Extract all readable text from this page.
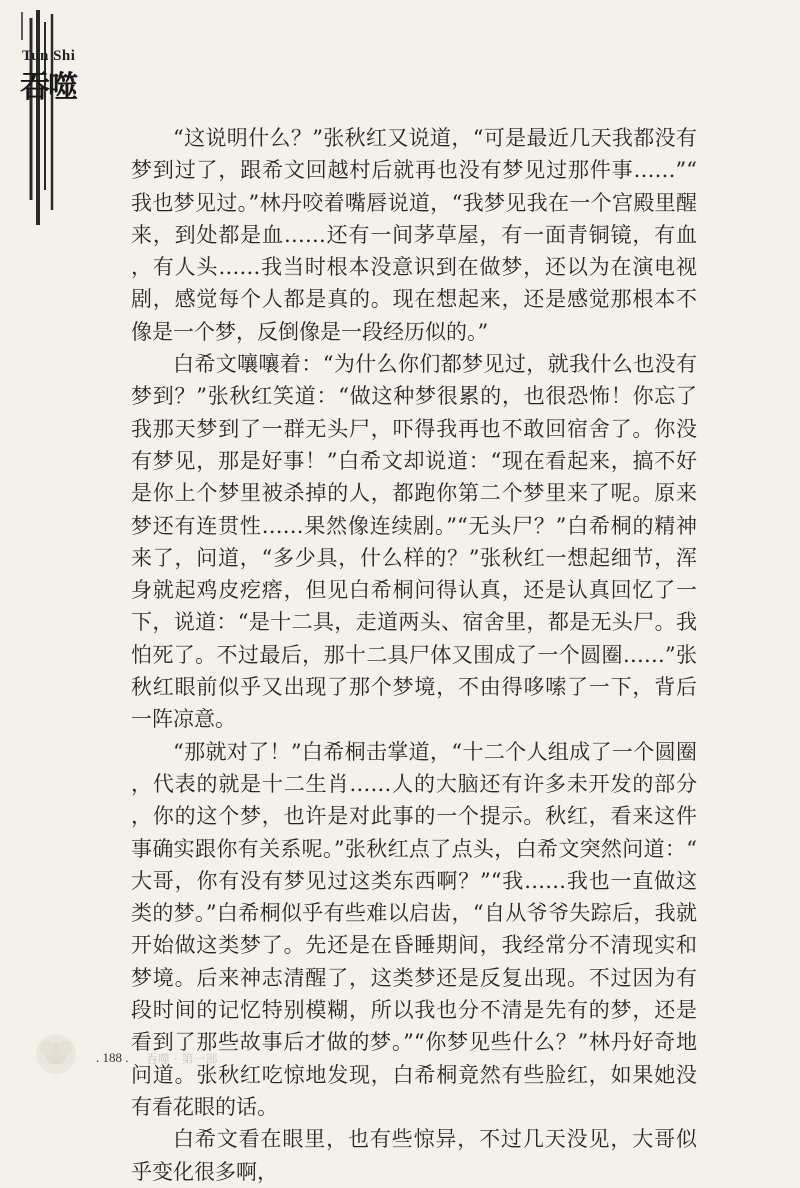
Tun Shi
吞噬

“这说明什么？”张秋红又说道，“可是最近几天我都没有梦到过了，跟希文回越村后就再也没有梦见过那件事……”“我也梦见过。”林丹咬着嘴唇说道，“我梦见我在一个宫殿里醒来，到处都是血……还有一间茅草屋，有一面青铜镜，有血，有人头……我当时根本没意识到在做梦，还以为在演电视剧，感觉每个人都是真的。现在想起来，还是感觉那根本不像是一个梦，反倒像是一段经历似的。”

白希文嚷嚷着：“为什么你们都梦见过，就我什么也没有梦到？”张秋红笑道：“做这种梦很累的，也很恐怖！你忘了我那天梦到了一群无头尸，吓得我再也不敢回宿舍了。你没有梦见，那是好事！”白希文却说道：“现在看起来，搞不好是你上个梦里被杀掉的人，都跑你第二个梦里来了呢。原来梦还有连贯性……果然像连续剧。”“无头尸？”白希桐的精神来了，问道，“多少具，什么样的？”张秋红一想起细节，浑身就起鸡皮疙瘩，但见白希桐问得认真，还是认真回忆了一下，说道：“是十二具，走道两头、宿舍里，都是无头尸。我怕死了。不过最后，那十二具尸体又围成了一个圆圈……”张秋红眼前似乎又出现了那个梦境，不由得哆嗦了一下，背后一阵凉意。

“那就对了！”白希桐击掌道，“十二个人组成了一个圆圈，代表的就是十二生肖……人的大脑还有许多未开发的部分，你的这个梦，也许是对此事的一个提示。秋红，看来这件事确实跟你有关系呢。”张秋红点了点头，白希文突然问道：“大哥，你有没有梦见过这类东西啊？”“我……我也一直做这类的梦。”白希桐似乎有些难以启齿，“自从爷爷失踪后，我就开始做这类梦了。先还是在昏睡期间，我经常分不清现实和梦境。后来神志清醒了，这类梦还是反复出现。不过因为有段时间的记忆特别模糊，所以我也分不清是先有的梦，还是看到了那些故事后才做的梦。”“你梦见些什么？”林丹好奇地问道。张秋红吃惊地发现，白希桐竟然有些脸红，如果她没有看花眼的话。

白希文看在眼里，也有些惊异，不过几天没见，大哥似乎变化很多啊，

. 188 . 吞噬 · 第一部
